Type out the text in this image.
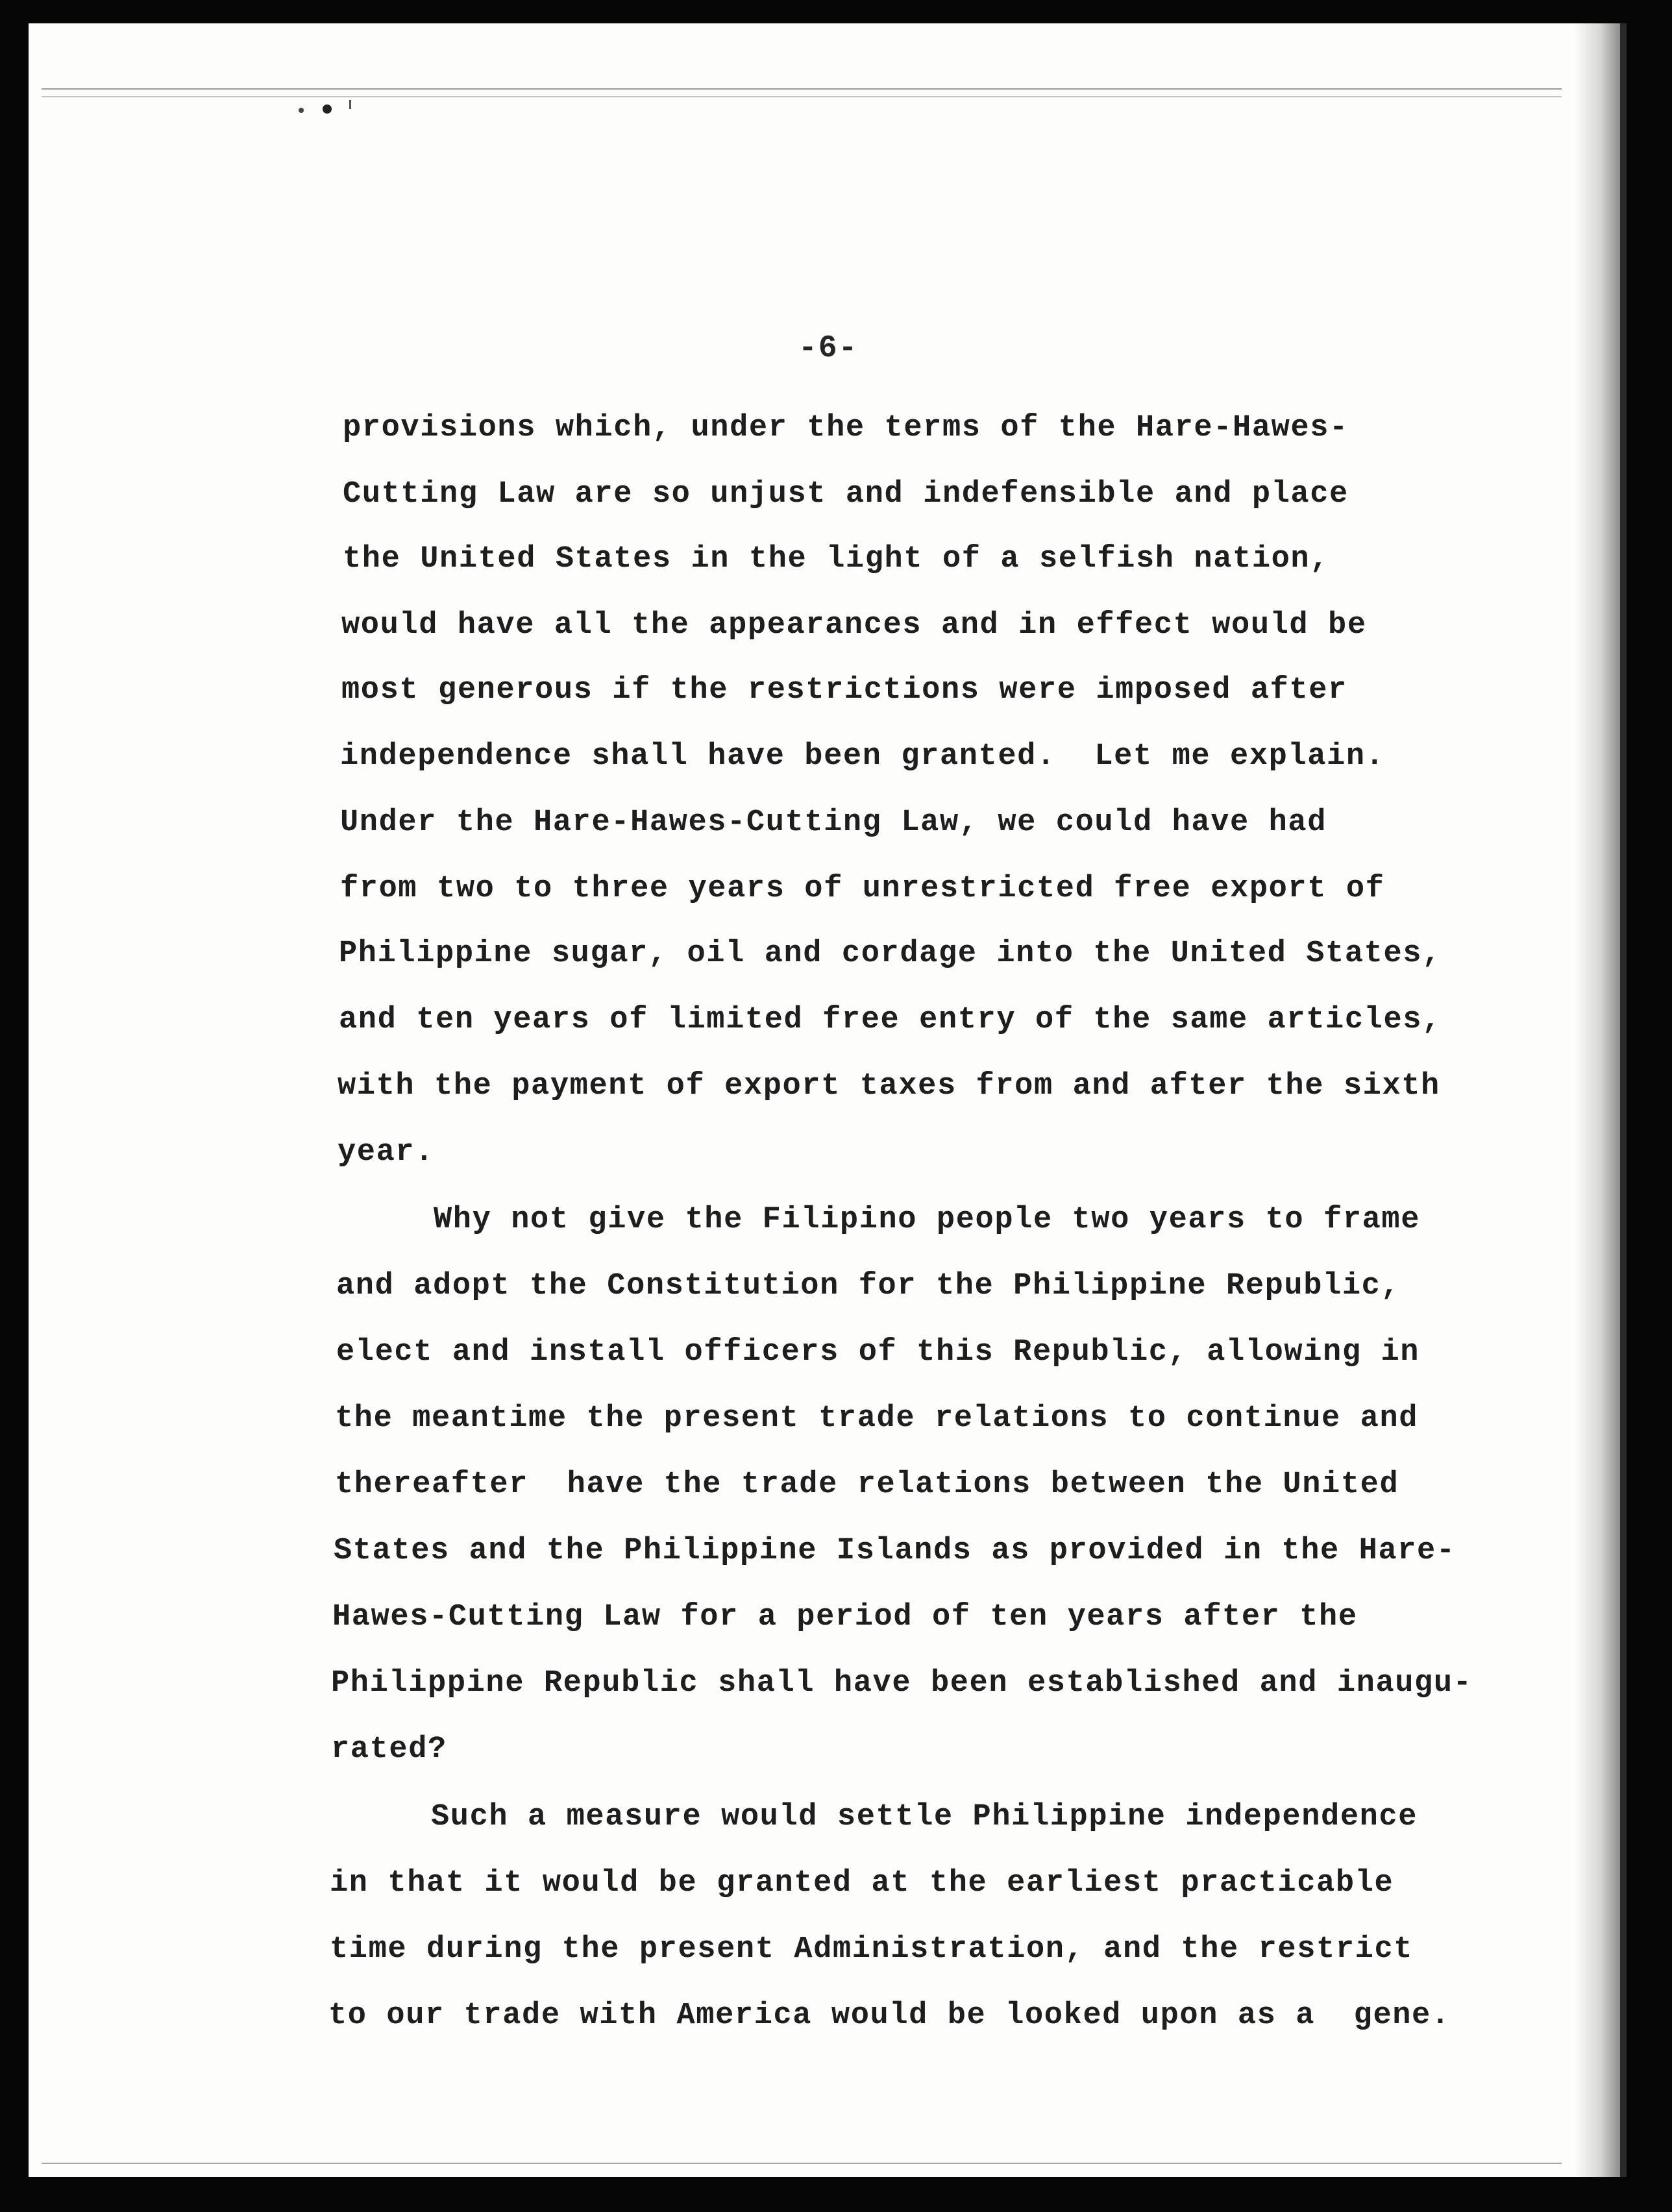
-6-
provisions which, under the terms of the Hare-Hawes-
Cutting Law are so unjust and indefensible and place
the United States in the light of a selfish nation,
would have all the appearances and in effect would be
most generous if the restrictions were imposed after
independence shall have been granted.  Let me explain.
Under the Hare-Hawes-Cutting Law, we could have had
from two to three years of unrestricted free export of
Philippine sugar, oil and cordage into the United States,
and ten years of limited free entry of the same articles,
with the payment of export taxes from and after the sixth
year.
Why not give the Filipino people two years to frame
and adopt the Constitution for the Philippine Republic,
elect and install officers of this Republic, allowing in
the meantime the present trade relations to continue and
thereafter  have the trade relations between the United
States and the Philippine Islands as provided in the Hare-
Hawes-Cutting Law for a period of ten years after the
Philippine Republic shall have been established and inaugu-
rated?
Such a measure would settle Philippine independence
in that it would be granted at the earliest practicable
time during the present Administration, and the restrict
to our trade with America would be looked upon as a  gene.
